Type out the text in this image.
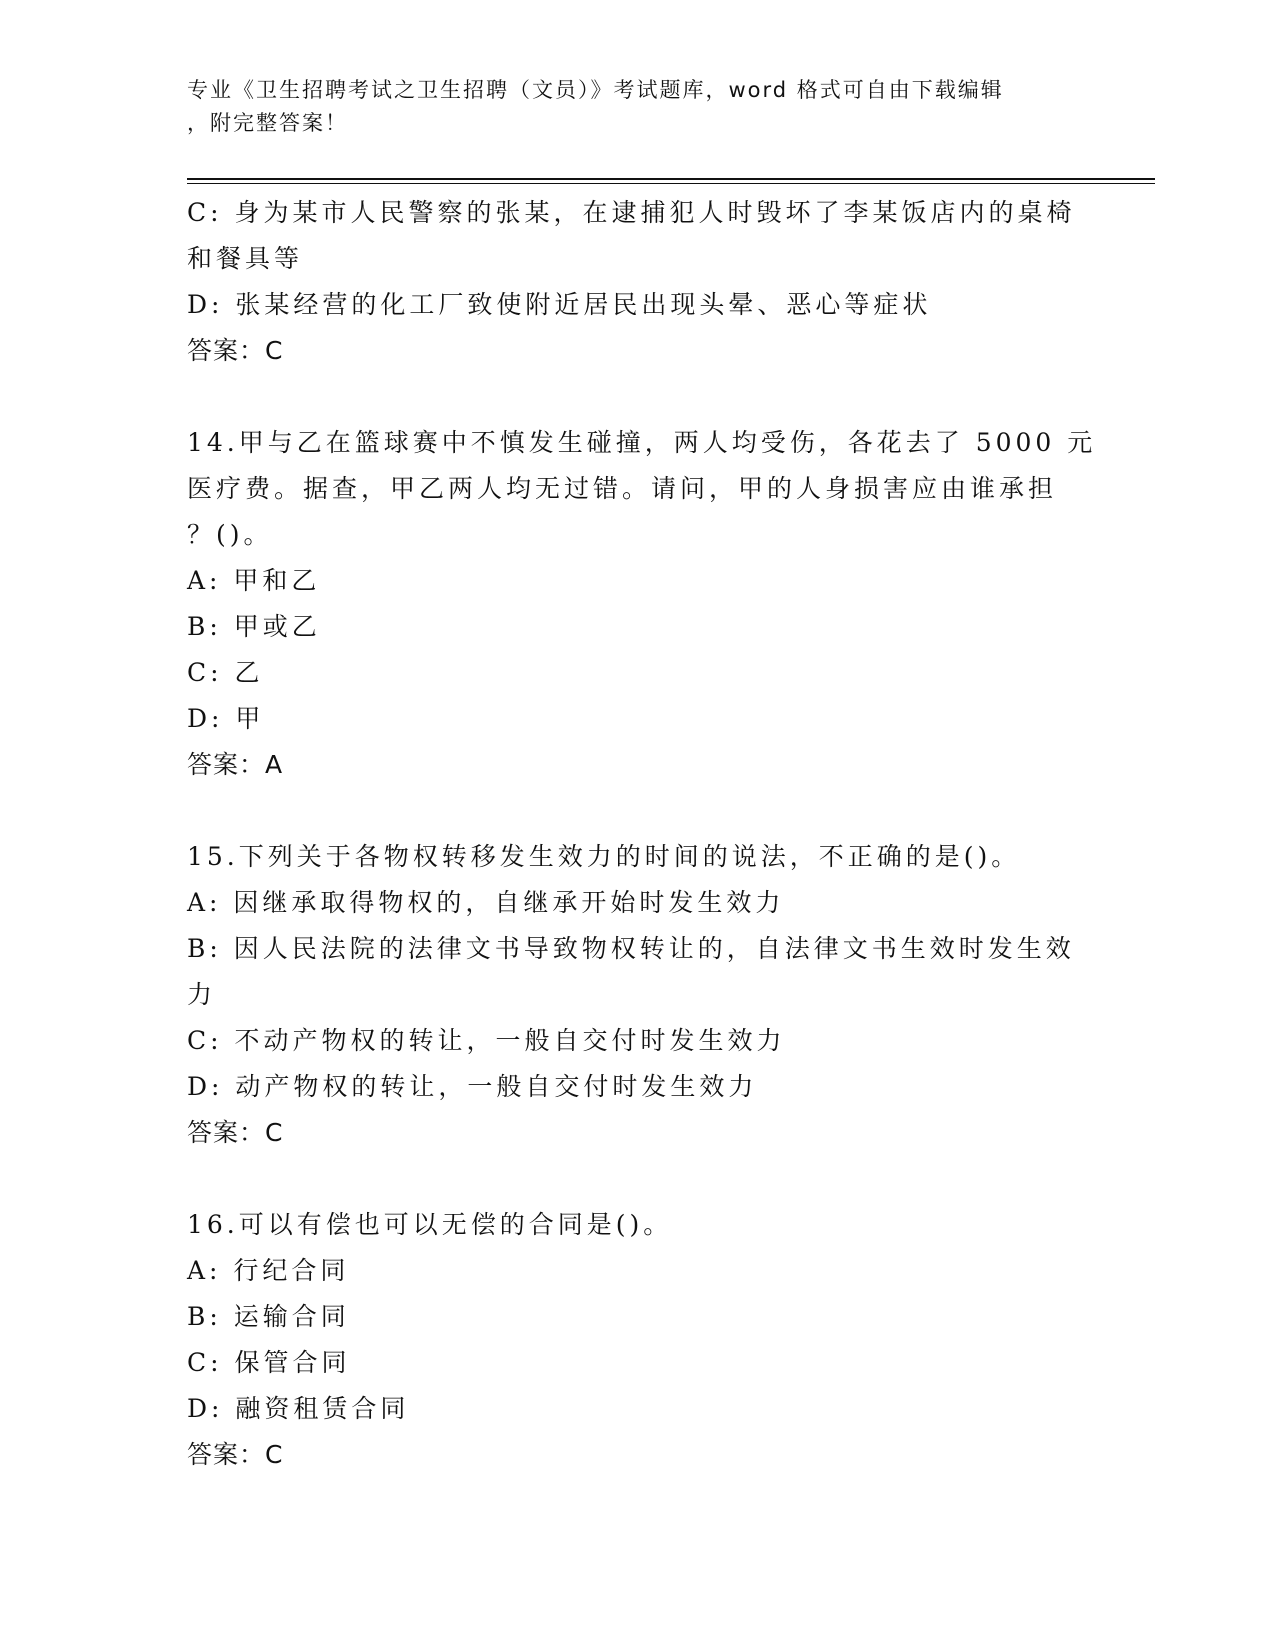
专业《卫生招聘考试之卫生招聘（文员）》考试题库，word 格式可自由下载编辑
，附完整答案！
C: 身为某市人民警察的张某，在逮捕犯人时毁坏了李某饭店内的桌椅
和餐具等
D: 张某经营的化工厂致使附近居民出现头晕、恶心等症状
答案：C
14.甲与乙在篮球赛中不慎发生碰撞，两人均受伤，各花去了 5000 元
医疗费。据查，甲乙两人均无过错。请问，甲的人身损害应由谁承担
？()。
A: 甲和乙
B: 甲或乙
C: 乙
D: 甲
答案：A
15.下列关于各物权转移发生效力的时间的说法，不正确的是()。
A: 因继承取得物权的，自继承开始时发生效力
B: 因人民法院的法律文书导致物权转让的，自法律文书生效时发生效
力
C: 不动产物权的转让，一般自交付时发生效力
D: 动产物权的转让，一般自交付时发生效力
答案：C
16.可以有偿也可以无偿的合同是()。
A: 行纪合同
B: 运输合同
C: 保管合同
D: 融资租赁合同
答案：C
